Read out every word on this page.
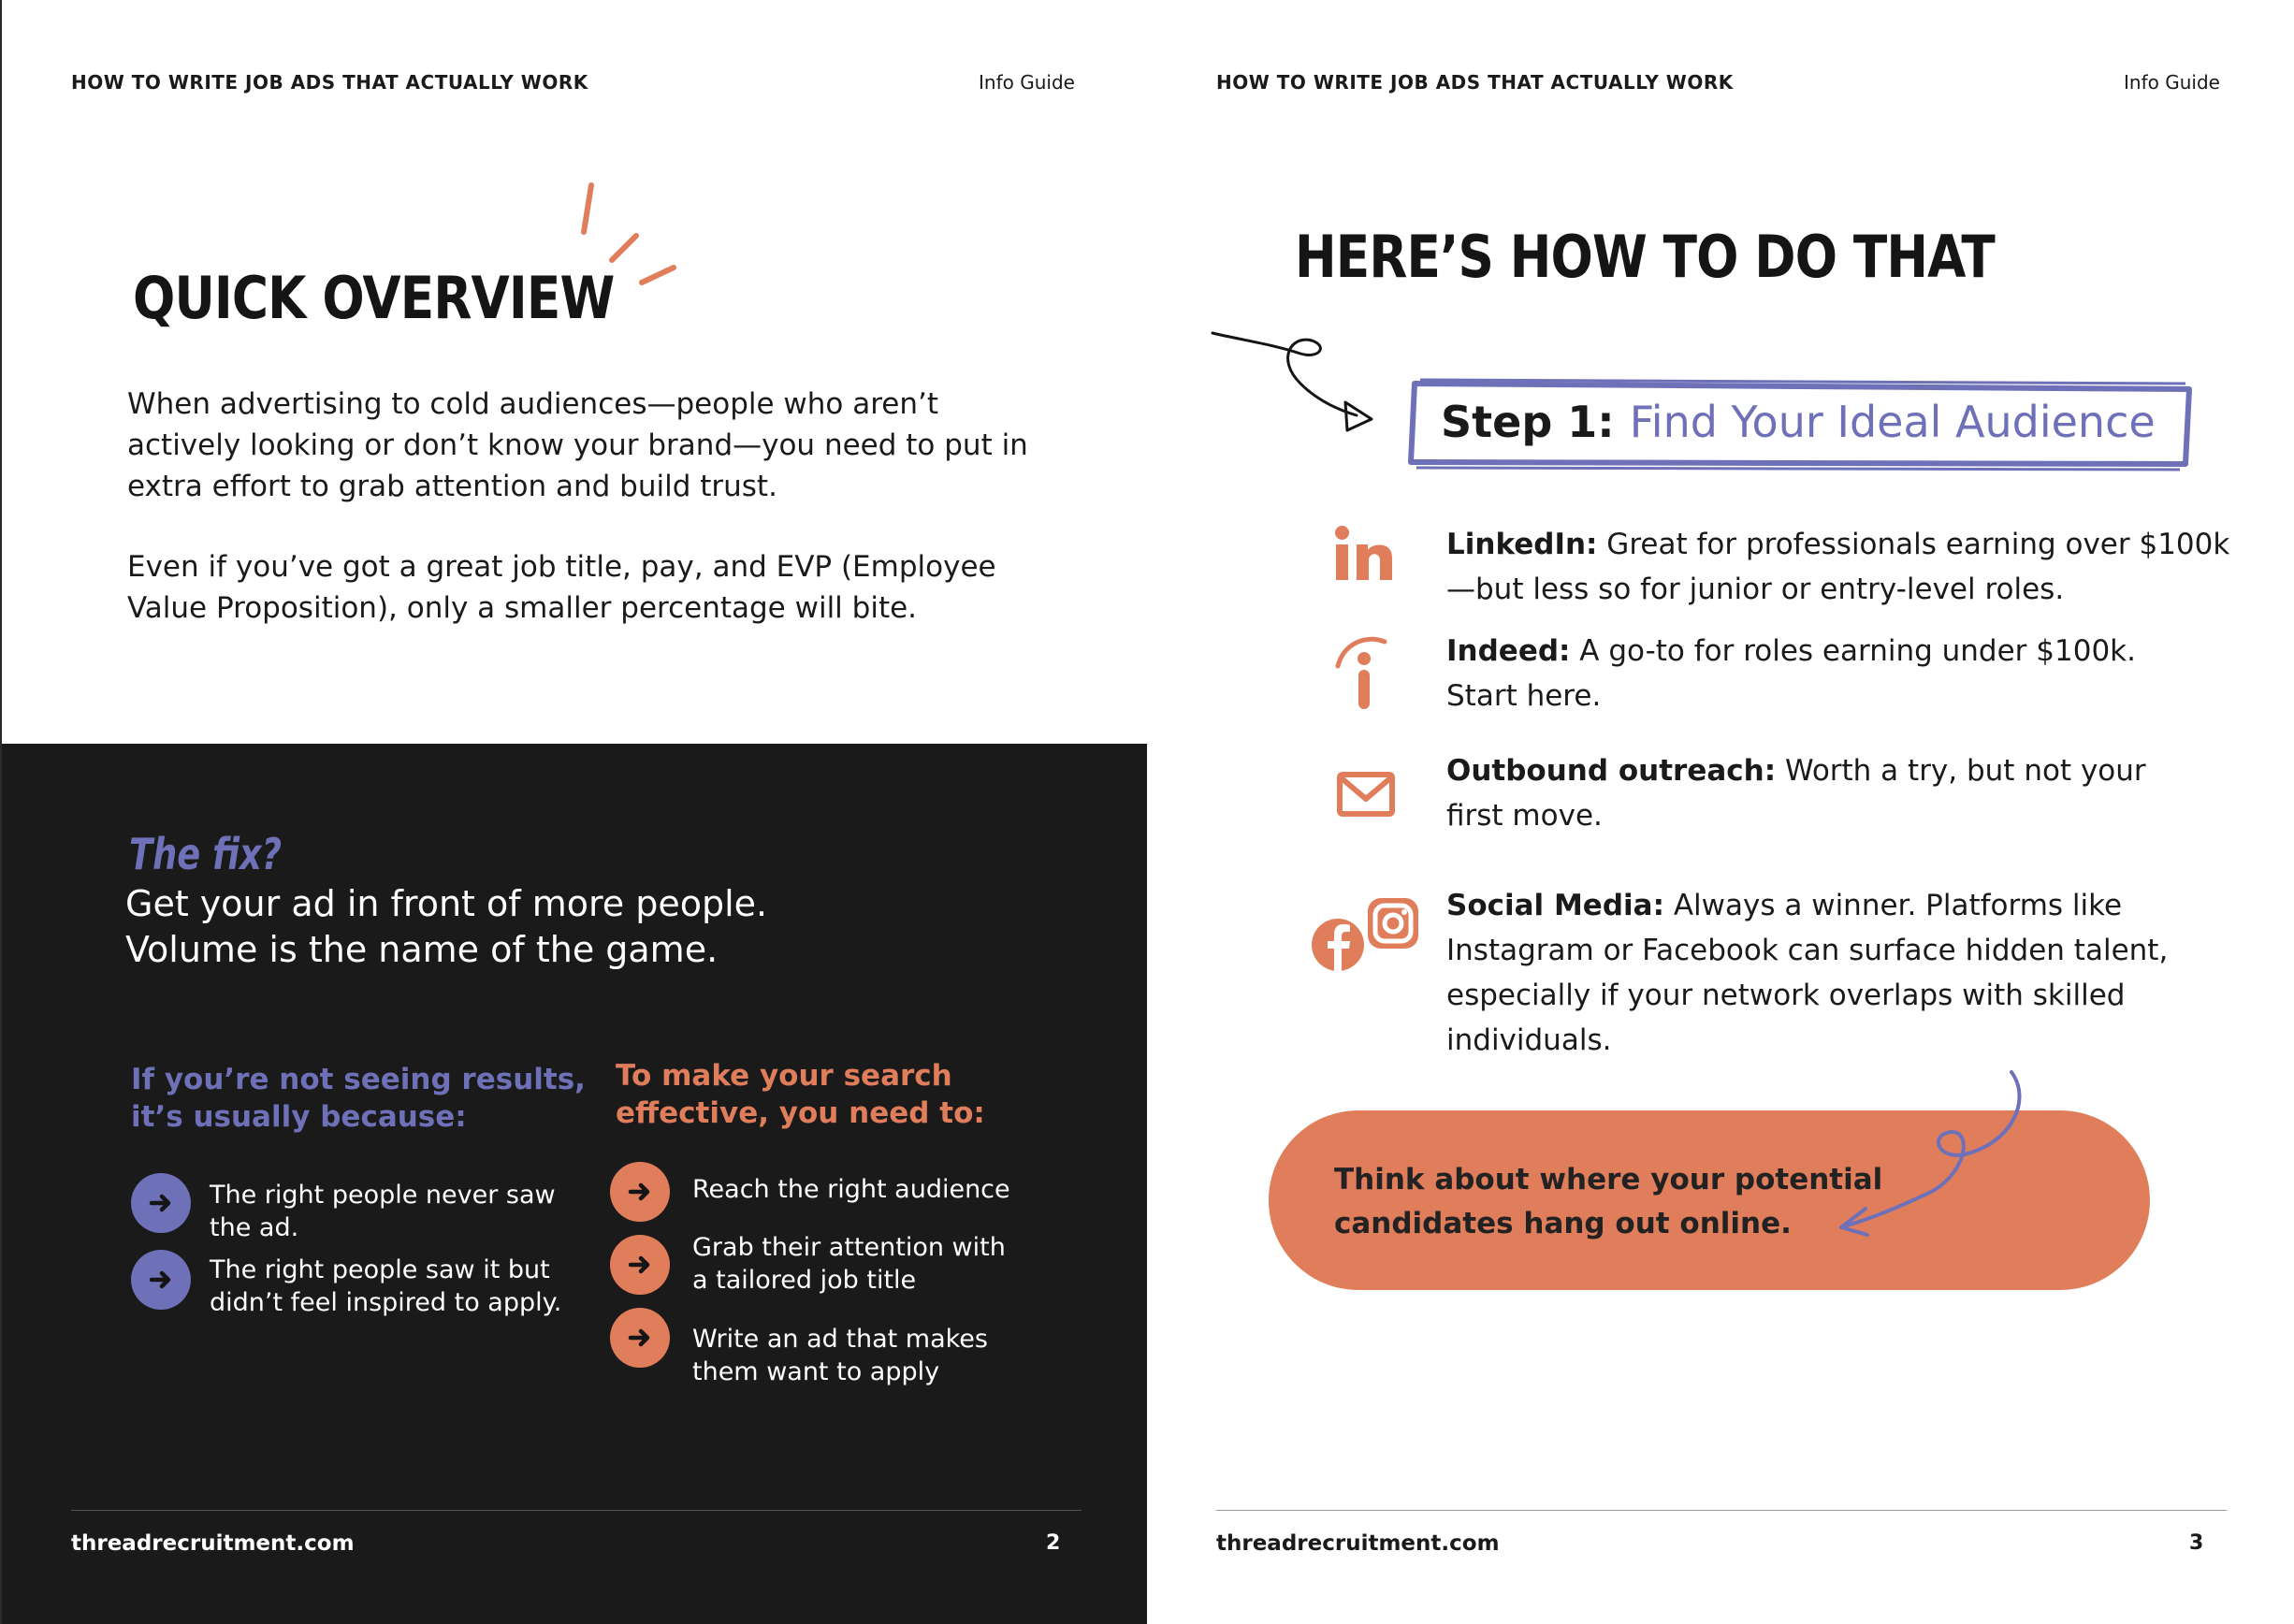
HOW TO WRITE JOB ADS THAT ACTUALLY WORK	Info Guide
QUICK OVERVIEW
When advertising to cold audiences—people who aren’t
actively looking or don’t know your brand—you need to put in
extra effort to grab attention and build trust.
Even if you’ve got a great job title, pay, and EVP (Employee
Value Proposition), only a smaller percentage will bite.
The fix?
Get your ad in front of more people.
Volume is the name of the game.
If you’re not seeing results,
it’s usually because:
The right people never saw
the ad.
The right people saw it but
didn’t feel inspired to apply.
To make your search
effective, you need to:
Reach the right audience
Grab their attention with
a tailored job title
Write an ad that makes
them want to apply
threadrecruitment.com	2
HOW TO WRITE JOB ADS THAT ACTUALLY WORK	Info Guide
HERE’S HOW TO DO THAT
Step 1: Find Your Ideal Audience
LinkedIn: Great for professionals earning over $100k
—but less so for junior or entry-level roles.
Indeed: A go-to for roles earning under $100k.
Start here.
Outbound outreach: Worth a try, but not your
first move.
Social Media: Always a winner. Platforms like
Instagram or Facebook can surface hidden talent,
especially if your network overlaps with skilled
individuals.
Think about where your potential
candidates hang out online.
threadrecruitment.com	3
